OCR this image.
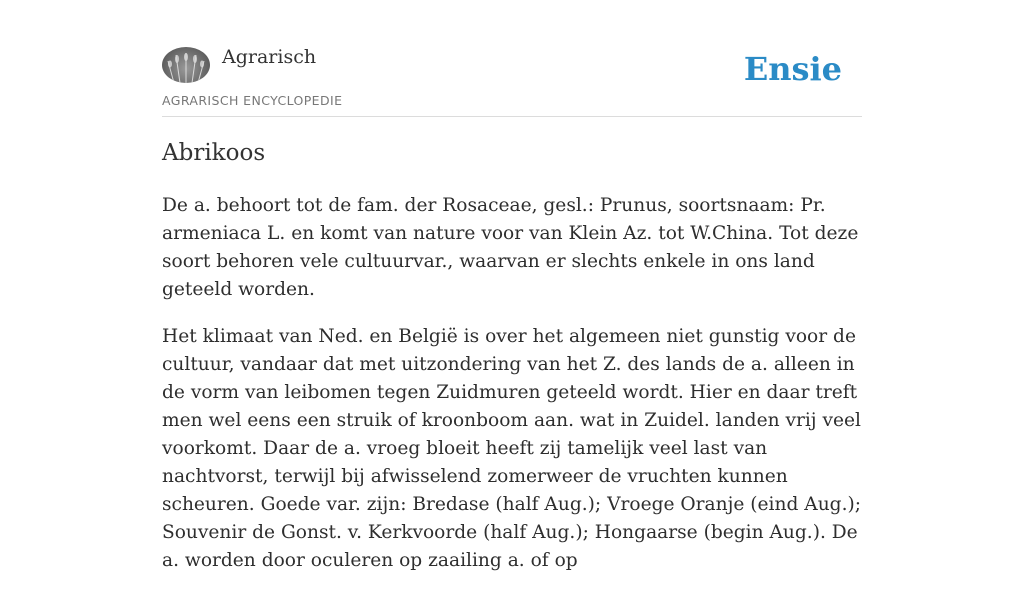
Agrarisch
AGRARISCH ENCYCLOPEDIE
Ensie
Abrikoos

De a. behoort tot de fam. der Rosaceae, gesl.: Prunus, soortsnaam: Pr. armeniaca L. en komt van nature voor van Klein Az. tot W.China. Tot deze soort behoren vele cultuurvar., waarvan er slechts enkele in ons land geteeld worden.

Het klimaat van Ned. en België is over het algemeen niet gunstig voor de cultuur, vandaar dat met uitzondering van het Z. des lands de a. alleen in de vorm van leibomen tegen Zuidmuren geteeld wordt. Hier en daar treft men wel eens een struik of kroonboom aan. wat in Zuidel. landen vrij veel voorkomt. Daar de a. vroeg bloeit heeft zij tamelijk veel last van nachtvorst, terwijl bij afwisselend zomerweer de vruchten kunnen scheuren. Goede var. zijn: Bredase (half Aug.); Vroege Oranje (eind Aug.); Souvenir de Gonst. v. Kerkvoorde (half Aug.); Hongaarse (begin Aug.). De a. worden door oculeren op zaailing a. of op
